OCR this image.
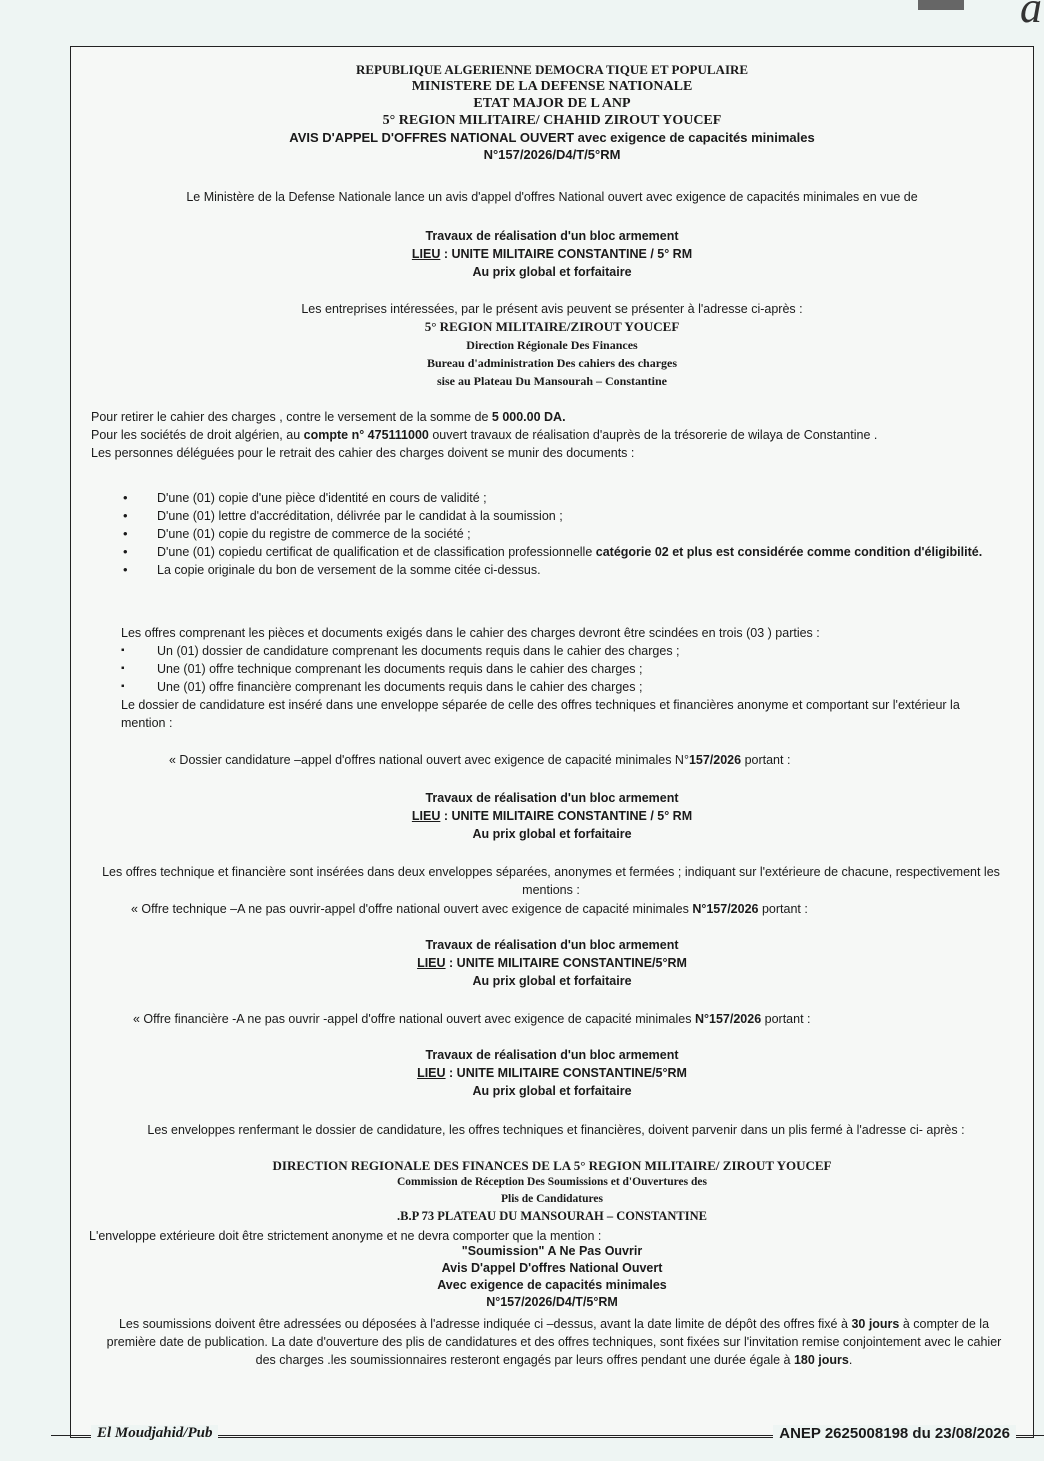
a
REPUBLIQUE ALGERIENNE DEMOCRA TIQUE ET POPULAIRE
MINISTERE DE LA DEFENSE NATIONALE
ETAT MAJOR DE L ANP
5° REGION MILITAIRE/ CHAHID ZIROUT YOUCEF
AVIS D'APPEL D'OFFRES NATIONAL OUVERT avec exigence de capacités minimales
N°157/2026/D4/T/5°RM
Le Ministère de la Defense Nationale lance un avis d'appel d'offres National ouvert avec exigence de capacités minimales en vue de
Travaux de réalisation d'un bloc armement
LIEU : UNITE MILITAIRE CONSTANTINE / 5° RM
Au prix global et forfaitaire
Les entreprises intéressées, par le présent avis peuvent se présenter à l'adresse ci-après :
5° REGION MILITAIRE/ZIROUT YOUCEF
Direction Régionale Des Finances
Bureau d'administration Des cahiers des charges
sise au Plateau Du Mansourah – Constantine
Pour retirer le cahier des charges , contre le versement de la somme de 5 000.00 DA.
Pour les sociétés de droit algérien, au compte n° 475111000 ouvert travaux de réalisation d'auprès de la trésorerie de wilaya de Constantine .
Les personnes déléguées pour le retrait des cahier des charges doivent se munir des documents :
• D'une (01) copie d'une pièce d'identité en cours de validité ;
• D'une (01) lettre d'accréditation, délivrée par le candidat à la soumission ;
• D'une (01) copie du registre de commerce de la société ;
• D'une (01) copiedu certificat de qualification et de classification professionnelle catégorie 02 et plus est considérée comme condition d'éligibilité.
• La copie originale du bon de versement de la somme citée ci-dessus.
Les offres comprenant les pièces et documents exigés dans le cahier des charges devront être scindées en trois (03 ) parties :
▪ Un (01) dossier de candidature comprenant les documents requis dans le cahier des charges ;
▪ Une (01) offre technique comprenant les documents requis dans le cahier des charges ;
▪ Une (01) offre financière comprenant les documents requis dans le cahier des charges ;
Le dossier de candidature est inséré dans une enveloppe séparée de celle des offres techniques et financières anonyme et comportant sur l'extérieur la mention :
« Dossier candidature –appel d'offres national ouvert avec exigence de capacité minimales N°157/2026 portant :
Travaux de réalisation d'un bloc armement
LIEU : UNITE MILITAIRE CONSTANTINE / 5° RM
Au prix global et forfaitaire
Les offres technique et financière sont insérées dans deux enveloppes séparées, anonymes et fermées ; indiquant sur l'extérieure de chacune, respectivement les mentions :
« Offre technique –A ne pas ouvrir-appel d'offre national ouvert avec exigence de capacité minimales N°157/2026 portant :
Travaux de réalisation d'un bloc armement
LIEU : UNITE MILITAIRE CONSTANTINE/5°RM
Au prix global et forfaitaire
« Offre financière -A ne pas ouvrir -appel d'offre national ouvert avec exigence de capacité minimales N°157/2026 portant :
Travaux de réalisation d'un bloc armement
LIEU : UNITE MILITAIRE CONSTANTINE/5°RM
Au prix global et forfaitaire
Les enveloppes renfermant le dossier de candidature, les offres techniques et financières, doivent parvenir dans un plis fermé à l'adresse ci- après :
DIRECTION REGIONALE DES FINANCES DE LA 5° REGION MILITAIRE/ ZIROUT YOUCEF
Commission de Réception Des Soumissions et d'Ouvertures des
Plis de Candidatures
.B.P 73 PLATEAU DU MANSOURAH – CONSTANTINE
L'enveloppe extérieure doit être strictement anonyme et ne devra comporter que la mention :
"Soumission" A Ne Pas Ouvrir
Avis D'appel D'offres National Ouvert
Avec exigence de capacités minimales
N°157/2026/D4/T/5°RM
Les soumissions doivent être adressées ou déposées à l'adresse indiquée ci –dessus, avant la date limite de dépôt des offres fixé à 30 jours à compter de la première date de publication. La date d'ouverture des plis de candidatures et des offres techniques, sont fixées sur l'invitation remise conjointement avec le cahier des charges .les soumissionnaires resteront engagés par leurs offres pendant une durée égale à 180 jours.
El Moudjahid/Pub	ANEP 2625008198 du 23/08/2026
